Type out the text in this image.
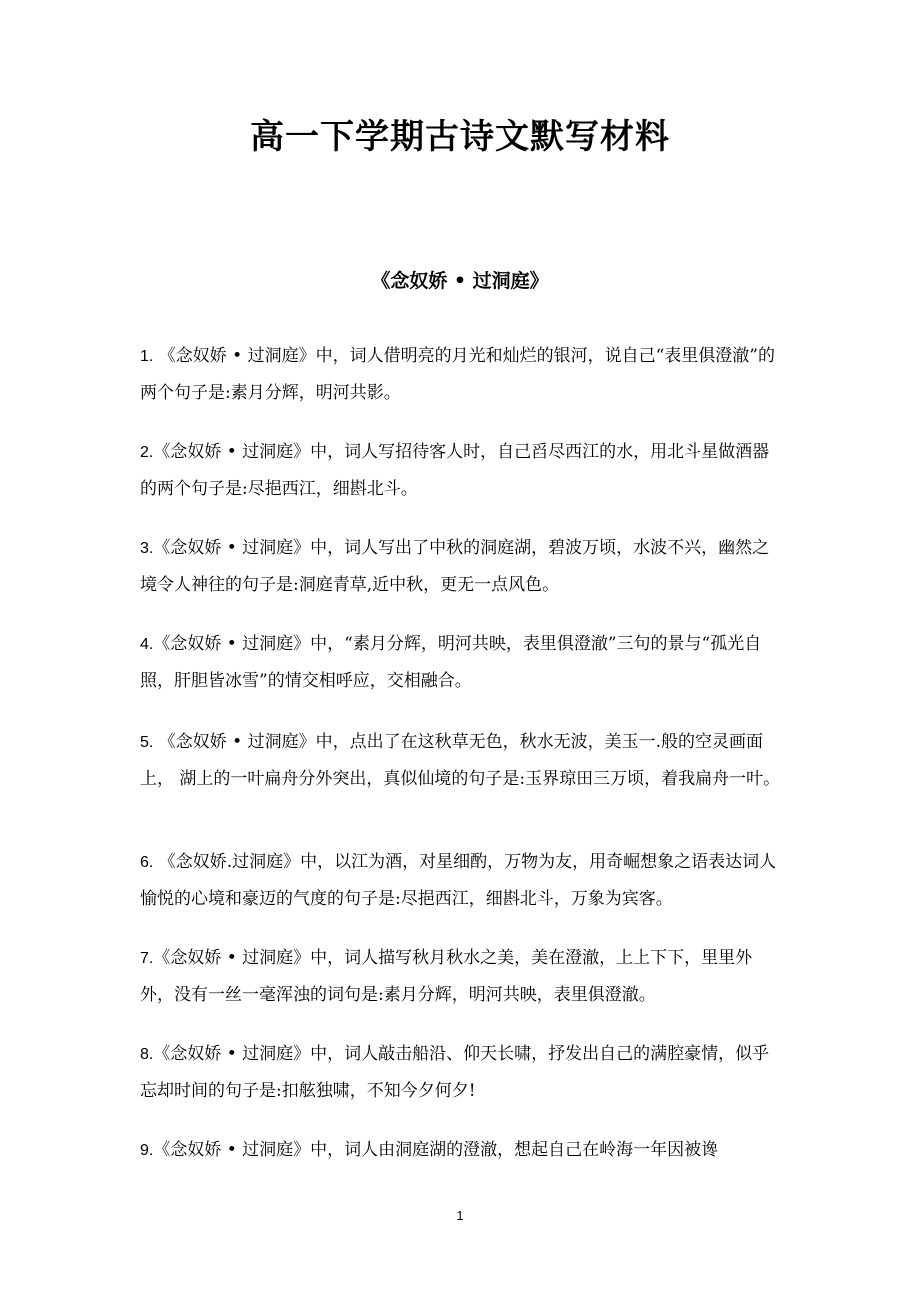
高一下学期古诗文默写材料
《念奴娇 • 过洞庭》

1. 《念奴娇 • 过洞庭》中，词人借明亮的月光和灿烂的银河，说自己“表里俱澄澈”的两个句子是:素月分辉，明河共影。

2.《念奴娇 • 过洞庭》中，词人写招待客人时，自己舀尽西江的水，用北斗星做酒器的两个句子是:尽挹西江，细斟北斗。

3.《念奴娇 • 过洞庭》中，词人写出了中秋的洞庭湖，碧波万顷，水波不兴，幽然之境令人神往的句子是:洞庭青草,近中秋，更无一点风色。

4.《念奴娇 • 过洞庭》中，“素月分辉，明河共映，表里俱澄澈”三句的景与“孤光自照，肝胆皆冰雪”的情交相呼应，交相融合。

5. 《念奴娇 • 过洞庭》中，点出了在这秋草无色，秋水无波，美玉一.般的空灵画面上， 湖上的一叶扁舟分外突出，真似仙境的句子是:玉界琼田三万顷，着我扁舟一叶。

6. 《念奴娇.过洞庭》中，以江为酒，对星细酌，万物为友，用奇崛想象之语表达词人愉悦的心境和豪迈的气度的句子是:尽挹西江，细斟北斗，万象为宾客。

7.《念奴娇 • 过洞庭》中，词人描写秋月秋水之美，美在澄澈，上上下下，里里外外，没有一丝一毫浑浊的词句是:素月分辉，明河共映，表里俱澄澈。

8.《念奴娇 • 过洞庭》中，词人敲击船沿、仰天长啸，抒发出自己的满腔豪情，似乎忘却时间的句子是:扣舷独啸，不知今夕何夕!

9.《念奴娇 • 过洞庭》中，词人由洞庭湖的澄澈，想起自己在岭海一年因被谗

1
